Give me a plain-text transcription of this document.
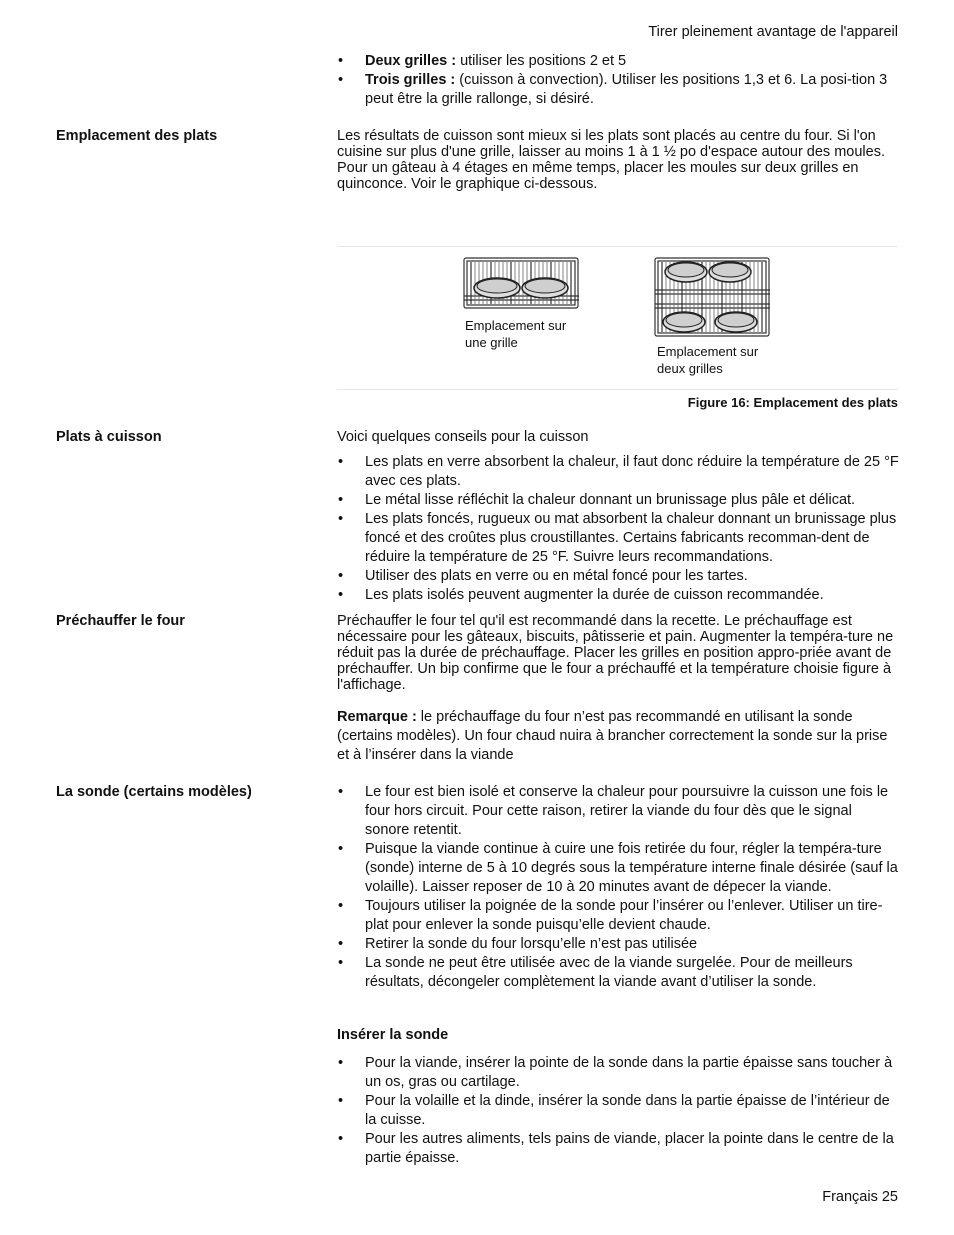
Tirer pleinement avantage de l'appareil
• Deux grilles : utiliser les positions 2 et 5
• Trois grilles : (cuisson à convection). Utiliser les positions 1,3 et 6. La posi-tion 3 peut être la grille rallonge, si désiré.
Emplacement des plats	Les résultats de cuisson sont mieux si les plats sont placés au centre du four. Si l'on cuisine sur plus d'une grille, laisser au moins 1 à 1 ½ po d'espace autour des moules. Pour un gâteau à 4 étages en même temps, placer les moules sur deux grilles en quinconce. Voir le graphique ci-dessous.
Emplacement sur une grille
Emplacement sur deux grilles
Figure 16: Emplacement des plats
Plats à cuisson	Voici quelques conseils pour la cuisson
• Les plats en verre absorbent la chaleur, il faut donc réduire la température de 25 °F avec ces plats.
• Le métal lisse réfléchit la chaleur donnant un brunissage plus pâle et délicat.
• Les plats foncés, rugueux ou mat absorbent la chaleur donnant un brunissage plus foncé et des croûtes plus croustillantes. Certains fabricants recomman-dent de réduire la température de 25 °F. Suivre leurs recommandations.
• Utiliser des plats en verre ou en métal foncé pour les tartes.
• Les plats isolés peuvent augmenter la durée de cuisson recommandée.
Préchauffer le four	Préchauffer le four tel qu'il est recommandé dans la recette. Le préchauffage est nécessaire pour les gâteaux, biscuits, pâtisserie et pain. Augmenter la tempéra-ture ne réduit pas la durée de préchauffage. Placer les grilles en position appro-priée avant de préchauffer. Un bip confirme que le four a préchauffé et la température choisie figure à l'affichage.
Remarque : le préchauffage du four n’est pas recommandé en utilisant la sonde (certains modèles). Un four chaud nuira à brancher correctement la sonde sur la prise et à l’insérer dans la viande
La sonde (certains modèles)
•	Le four est bien isolé et conserve la chaleur pour poursuivre la cuisson une fois le four hors circuit. Pour cette raison, retirer la viande du four dès que le signal sonore retentit.
• Puisque la viande continue à cuire une fois retirée du four, régler la tempéra-ture (sonde) interne de 5 à 10 degrés sous la température interne finale désirée (sauf la volaille). Laisser reposer de 10 à 20 minutes avant de dépecer la viande.
• Toujours utiliser la poignée de la sonde pour l’insérer ou l’enlever. Utiliser un tire-plat pour enlever la sonde puisqu’elle devient chaude.
• Retirer la sonde du four lorsqu’elle n’est pas utilisée
• La sonde ne peut être utilisée avec de la viande surgelée. Pour de meilleurs résultats, décongeler complètement la viande avant d’utiliser la sonde.
Insérer la sonde
• Pour la viande, insérer la pointe de la sonde dans la partie épaisse sans toucher à un os, gras ou cartilage.
• Pour la volaille et la dinde, insérer la sonde dans la partie épaisse de l’intérieur de la cuisse.
• Pour les autres aliments, tels pains de viande, placer la pointe dans le centre de la partie épaisse.
Français 25
